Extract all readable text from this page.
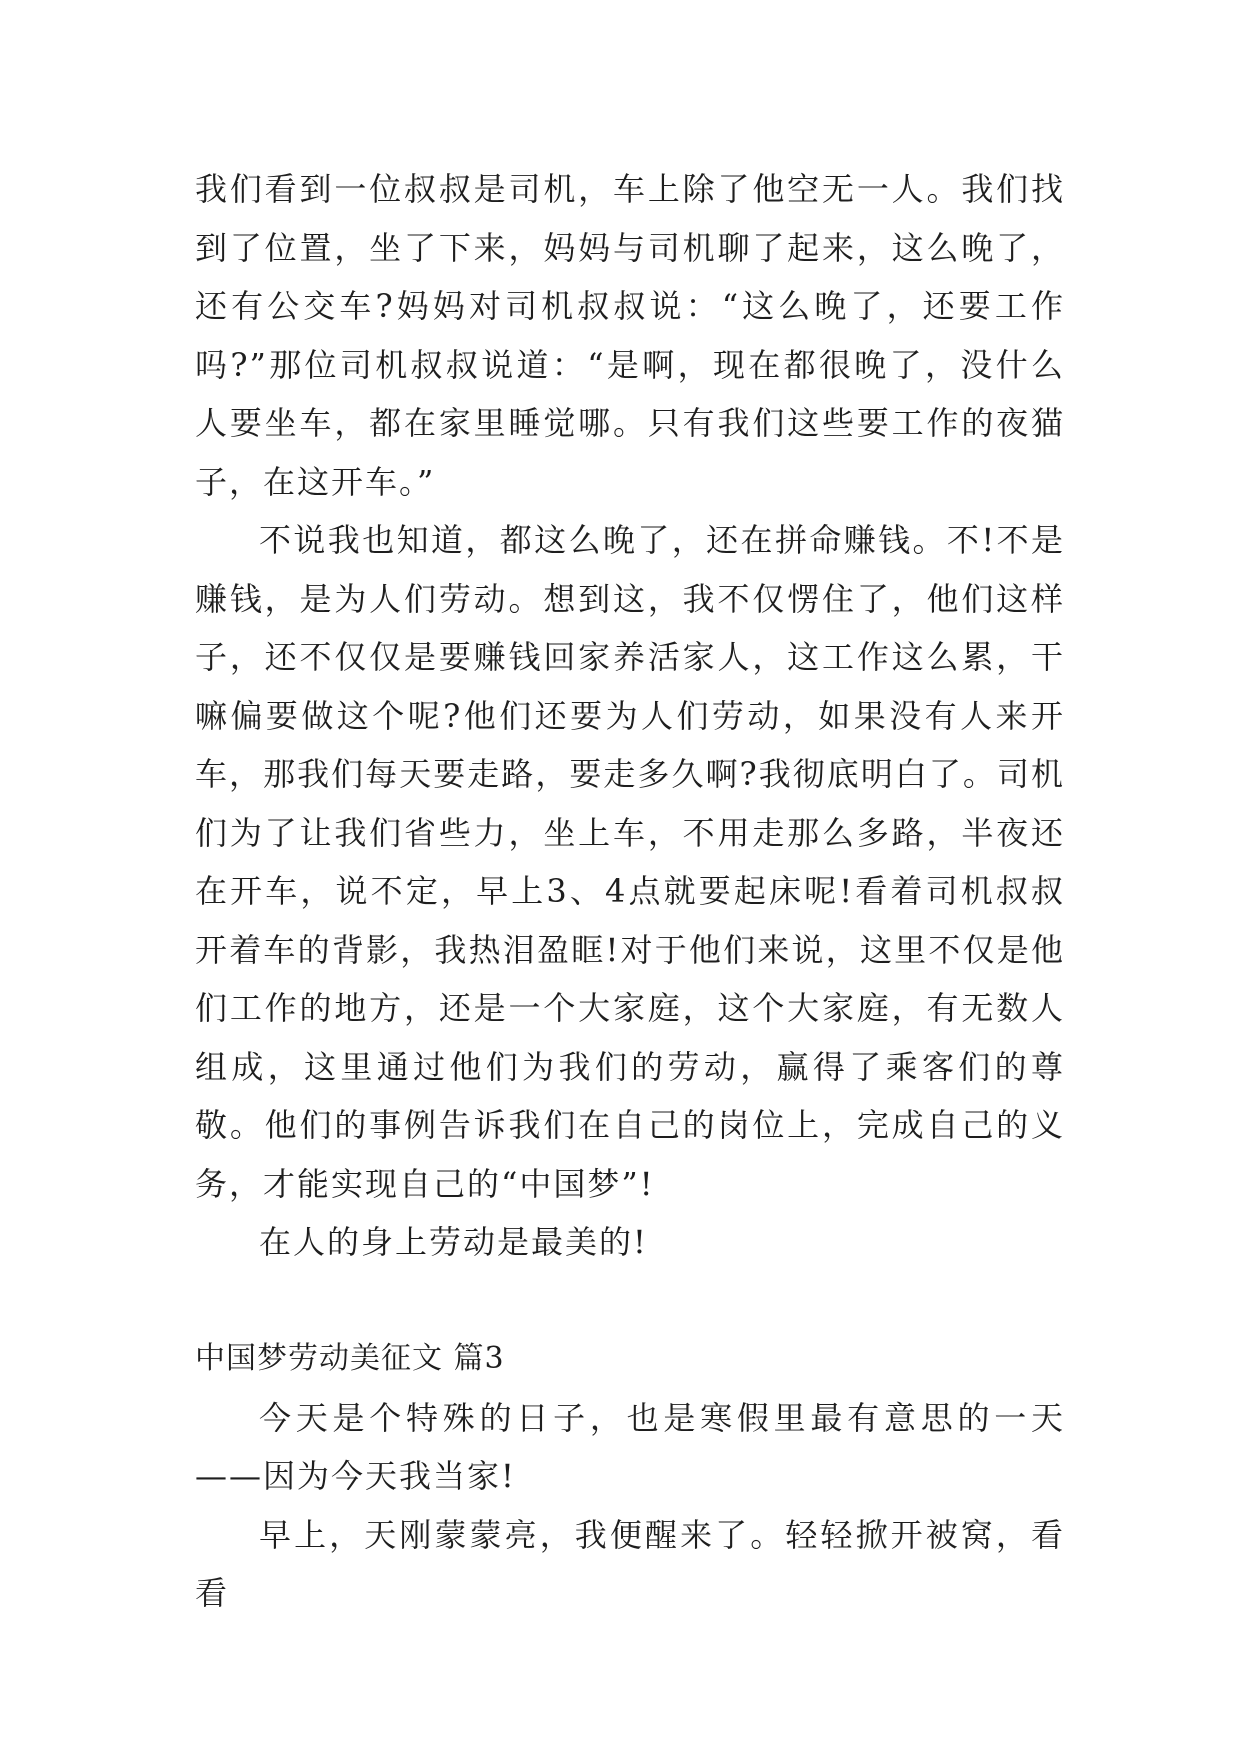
我们看到一位叔叔是司机，车上除了他空无一人。我们找到了位置，坐了下来，妈妈与司机聊了起来，这么晚了，还有公交车?妈妈对司机叔叔说：“这么晚了，还要工作吗?”那位司机叔叔说道：“是啊，现在都很晚了，没什么人要坐车，都在家里睡觉哪。只有我们这些要工作的夜猫子，在这开车。”

不说我也知道，都这么晚了，还在拼命赚钱。不!不是赚钱，是为人们劳动。想到这，我不仅愣住了，他们这样子，还不仅仅是要赚钱回家养活家人，这工作这么累，干嘛偏要做这个呢?他们还要为人们劳动，如果没有人来开车，那我们每天要走路，要走多久啊?我彻底明白了。司机们为了让我们省些力，坐上车，不用走那么多路，半夜还在开车，说不定，早上3、4点就要起床呢!看着司机叔叔开着车的背影，我热泪盈眶!对于他们来说，这里不仅是他们工作的地方，还是一个大家庭，这个大家庭，有无数人组成，这里通过他们为我们的劳动，赢得了乘客们的尊敬。他们的事例告诉我们在自己的岗位上，完成自己的义务，才能实现自己的“中国梦”!

在人的身上劳动是最美的!

中国梦劳动美征文 篇3

今天是个特殊的日子，也是寒假里最有意思的一天——因为今天我当家!

早上，天刚蒙蒙亮，我便醒来了。轻轻掀开被窝，看看
